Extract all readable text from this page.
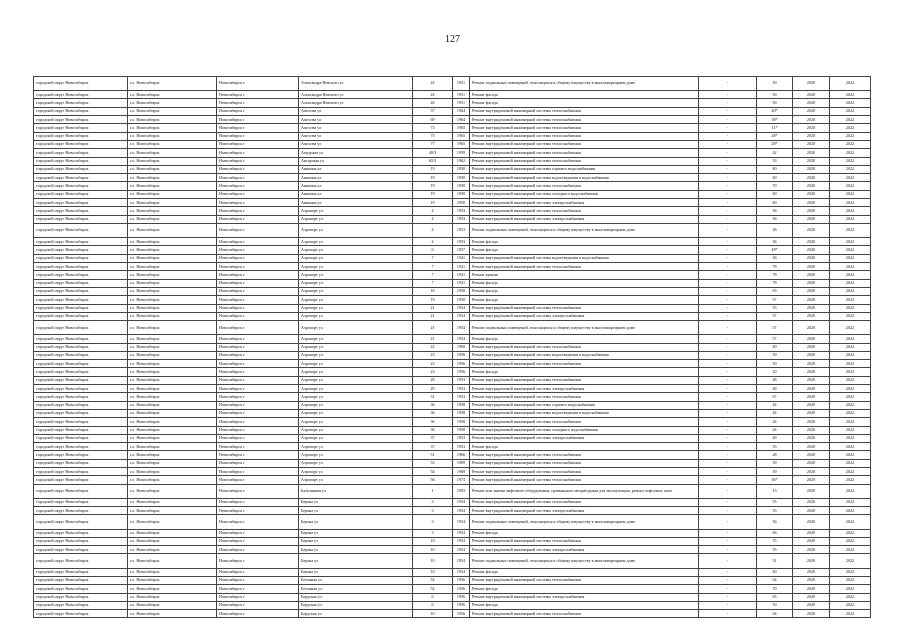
127
городской округ Новосибирск	г.о. Новосибирск	Новосибирск г	Александра Невского ул	24	1951	Ремонт подвальных помещений, относящихся к общему имуществу в многоквартирном доме	-	50	2020	2022
городской округ Новосибирск	г.о. Новосибирск	Новосибирск г	Александра Невского ул	24	1951	Ремонт фасада	-	50	2020	2022
городской округ Новосибирск	г.о. Новосибирск	Новосибирск г	Александра Невского ул	26	1951	Ремонт фасада	-	50	2020	2022
городской округ Новосибирск	г.о. Новосибирск	Новосибирск г	Амосова ул	57	1964	Ремонт внутридомовой инженерной системы теплоснабжения	-	40*	2020	2022
городской округ Новосибирск	г.о. Новосибирск	Новосибирск г	Амосова ул	69	1964	Ремонт внутридомовой инженерной системы теплоснабжения	-	38*	2020	2022
городской округ Новосибирск	г.о. Новосибирск	Новосибирск г	Амосова ул	73	1965	Ремонт внутридомовой инженерной системы теплоснабжения	-	31*	2020	2022
городской округ Новосибирск	г.о. Новосибирск	Новосибирск г	Амосова ул	75	1965	Ремонт внутридомовой инженерной системы теплоснабжения	-	28*	2020	2022
городской округ Новосибирск	г.о. Новосибирск	Новосибирск г	Амосова ул	77	1965	Ремонт внутридомовой инженерной системы теплоснабжения	-	28*	2020	2022
городской округ Новосибирск	г.о. Новосибирск	Новосибирск г	Амурская ул	40/3	1959	Ремонт внутридомовой инженерной системы теплоснабжения	-	42	2020	2022
городской округ Новосибирск	г.о. Новосибирск	Новосибирск г	Ангарская ул	65/3	1962	Ремонт внутридомовой инженерной системы теплоснабжения	-	33	2020	2022
городской округ Новосибирск	г.о. Новосибирск	Новосибирск г	Аникина ул	19	1950	Ремонт внутридомовой инженерной системы горячего водоснабжения	-	60	2020	2022
городской округ Новосибирск	г.о. Новосибирск	Новосибирск г	Аникина ул	19	1950	Ремонт внутридомовой инженерной системы водоотведения и водоснабжения	-	60	2020	2022
городской округ Новосибирск	г.о. Новосибирск	Новосибирск г	Аникина ул	19	1950	Ремонт внутридомовой инженерной системы теплоснабжения	-	70	2020	2022
городской округ Новосибирск	г.о. Новосибирск	Новосибирск г	Аникина ул	19	1950	Ремонт внутридомовой инженерной системы холодного водоснабжения	-	60	2020	2022
городской округ Новосибирск	г.о. Новосибирск	Новосибирск г	Аникина ул	19	1950	Ремонт внутридомовой инженерной системы электроснабжения	-	60	2020	2022
городской округ Новосибирск	г.о. Новосибирск	Новосибирск г	Аэропорт ул	4	1953	Ремонт внутридомовой инженерной системы теплоснабжения	-	36	2020	2022
городской округ Новосибирск	г.о. Новосибирск	Новосибирск г	Аэропорт ул	4	1953	Ремонт внутридомовой инженерной системы электроснабжения	-	36	2020	2022
городской округ Новосибирск	г.о. Новосибирск	Новосибирск г	Аэропорт ул	4	1953	Ремонт подвальных помещений, относящихся к общему имуществу в многоквартирном доме	-	36	2020	2022
городской округ Новосибирск	г.о. Новосибирск	Новосибирск г	Аэропорт ул	4	1953	Ремонт фасада	-	36	2020	2022
городской округ Новосибирск	г.о. Новосибирск	Новосибирск г	Аэропорт ул	6	1957	Ремонт фасада	-	48*	2020	2022
городской округ Новосибирск	г.о. Новосибирск	Новосибирск г	Аэропорт ул	7	1941	Ремонт внутридомовой инженерной системы водоотведения и водоснабжения	-	36	2020	2022
городской округ Новосибирск	г.о. Новосибирск	Новосибирск г	Аэропорт ул	7	1941	Ремонт внутридомовой инженерной системы теплоснабжения	-	78	2020	2022
городской округ Новосибирск	г.о. Новосибирск	Новосибирск г	Аэропорт ул	7	1941	Ремонт крыши	-	78	2020	2022
городской округ Новосибирск	г.о. Новосибирск	Новосибирск г	Аэропорт ул	7	1941	Ремонт фасада	-	78	2020	2022
городской округ Новосибирск	г.о. Новосибирск	Новосибирск г	Аэропорт ул	16	1950	Ремонт фасада	-	63	2020	2022
городской округ Новосибирск	г.о. Новосибирск	Новосибирск г	Аэропорт ул	19	1950	Ремонт фасада	-	57	2020	2022
городской округ Новосибирск	г.о. Новосибирск	Новосибирск г	Аэропорт ул	21	1954	Ремонт внутридомовой инженерной системы теплоснабжения	-	55	2020	2022
городской округ Новосибирск	г.о. Новосибирск	Новосибирск г	Аэропорт ул	21	1954	Ремонт внутридомовой инженерной системы электроснабжения	-	57	2020	2022
городской округ Новосибирск	г.о. Новосибирск	Новосибирск г	Аэропорт ул	21	1954	Ремонт подвальных помещений, относящихся к общему имуществу в многоквартирном доме	-	57	2020	2022
городской округ Новосибирск	г.о. Новосибирск	Новосибирск г	Аэропорт ул	21	1954	Ремонт фасада	-	57	2020	2022
городской округ Новосибирск	г.о. Новосибирск	Новосибирск г	Аэропорт ул	22	1960	Ремонт внутридомовой инженерной системы теплоснабжения	-	40	2020	2022
городской округ Новосибирск	г.о. Новосибирск	Новосибирск г	Аэропорт ул	23	1956	Ремонт внутридомовой инженерной системы водоотведения и водоснабжения	-	50	2020	2022
городской округ Новосибирск	г.о. Новосибирск	Новосибирск г	Аэропорт ул	23	1956	Ремонт внутридомовой инженерной системы теплоснабжения	-	50	2020	2022
городской округ Новосибирск	г.о. Новосибирск	Новосибирск г	Аэропорт ул	23	1956	Ремонт фасада	-	20	2020	2022
городской округ Новосибирск	г.о. Новосибирск	Новосибирск г	Аэропорт ул	29	1953	Ремонт внутридомовой инженерной системы теплоснабжения	-	48	2020	2022
городской округ Новосибирск	г.о. Новосибирск	Новосибирск г	Аэропорт ул	29	1953	Ремонт внутридомовой инженерной системы электроснабжения	-	48	2020	2022
городской округ Новосибирск	г.о. Новосибирск	Новосибирск г	Аэропорт ул	31	1953	Ремонт внутридомовой инженерной системы теплоснабжения	-	67	2020	2022
городской округ Новосибирск	г.о. Новосибирск	Новосибирск г	Аэропорт ул	36	1958	Ремонт внутридомовой инженерной системы горячего водоснабжения	-	44	2020	2022
городской округ Новосибирск	г.о. Новосибирск	Новосибирск г	Аэропорт ул	36	1958	Ремонт внутридомовой инженерной системы водоотведения и водоснабжения	-	44	2020	2022
городской округ Новосибирск	г.о. Новосибирск	Новосибирск г	Аэропорт ул	36	1958	Ремонт внутридомовой инженерной системы теплоснабжения	-	44	2020	2022
городской округ Новосибирск	г.о. Новосибирск	Новосибирск г	Аэропорт ул	36	1958	Ремонт внутридомовой инженерной системы холодного водоснабжения	-	44	2020	2022
городской округ Новосибирск	г.о. Новосибирск	Новосибирск г	Аэропорт ул	37	1953	Ремонт внутридомовой инженерной системы электроснабжения	-	49	2020	2022
городской округ Новосибирск	г.о. Новосибирск	Новосибирск г	Аэропорт ул	37	1953	Ремонт фасада	-	55	2020	2022
городской округ Новосибирск	г.о. Новосибирск	Новосибирск г	Аэропорт ул	51	1966	Ремонт внутридомовой инженерной системы теплоснабжения	-	28	2020	2022
городской округ Новосибирск	г.о. Новосибирск	Новосибирск г	Аэропорт ул	53	1969	Ремонт внутридомовой инженерной системы теплоснабжения	-	39	2020	2022
городской округ Новосибирск	г.о. Новосибирск	Новосибирск г	Аэропорт ул	54	1969	Ремонт внутридомовой инженерной системы теплоснабжения	-	39	2020	2022
городской округ Новосибирск	г.о. Новосибирск	Новосибирск г	Аэропорт ул	56	1974	Ремонт внутридомовой инженерной системы теплоснабжения	-	36*	2020	2022
городской округ Новосибирск	г.о. Новосибирск	Новосибирск г	Бальзамная ул	1	1993	Ремонт или замена лифтового оборудования, признанного непригодным для эксплуатации, ремонт лифтовых шахт	-	13	2020	2022
городской округ Новосибирск	г.о. Новосибирск	Новосибирск г	Беранa ул	3	1954	Ремонт внутридомовой инженерной системы теплоснабжения	-	55	2020	2022
городской округ Новосибирск	г.о. Новосибирск	Новосибирск г	Беранa ул	3	1954	Ремонт внутридомовой инженерной системы электроснабжения	-	55	2020	2022
городской округ Новосибирск	г.о. Новосибирск	Новосибирск г	Беранa ул	3	1954	Ремонт подвальных помещений, относящихся к общему имуществу в многоквартирном доме	-	56	2020	2022
городской округ Новосибирск	г.о. Новосибирск	Новосибирск г	Беранa ул	3	1954	Ремонт фасада	-	66	2020	2022
городской округ Новосибирск	г.о. Новосибирск	Новосибирск г	Беранa ул	10	1954	Ремонт внутридомовой инженерной системы теплоснабжения	-	55	2020	2022
городской округ Новосибирск	г.о. Новосибирск	Новосибирск г	Беранa ул	10	1954	Ремонт внутридомовой инженерной системы электроснабжения	-	55	2020	2022
городской округ Новосибирск	г.о. Новосибирск	Новосибирск г	Беранa ул	10	1954	Ремонт подвальных помещений, относящихся к общему имуществу в многоквартирном доме	-	51	2020	2022
городской округ Новосибирск	г.о. Новосибирск	Новосибирск г	Беранa ул	10	1954	Ремонт фасада	-	60	2020	2022
городской округ Новосибирск	г.о. Новосибирск	Новосибирск г	Бетонная ул	52	1956	Ремонт внутридомовой инженерной системы теплоснабжения	-	64	2020	2022
городской округ Новосибирск	г.о. Новосибирск	Новосибирск г	Бетонная ул	52	1956	Ремонт фасада	-	70	2020	2022
городской округ Новосибирск	г.о. Новосибирск	Новосибирск г	Бердская ул	6	1956	Ремонт внутридомовой инженерной системы электроснабжения	-	65	2020	2022
городской округ Новосибирск	г.о. Новосибирск	Новосибирск г	Бердская ул	6	1956	Ремонт фасада	-	50	2020	2022
городской округ Новосибирск	г.о. Новосибирск	Новосибирск г	Бердская ул	10	1956	Ремонт внутридомовой инженерной системы теплоснабжения	-	64	2020	2022
